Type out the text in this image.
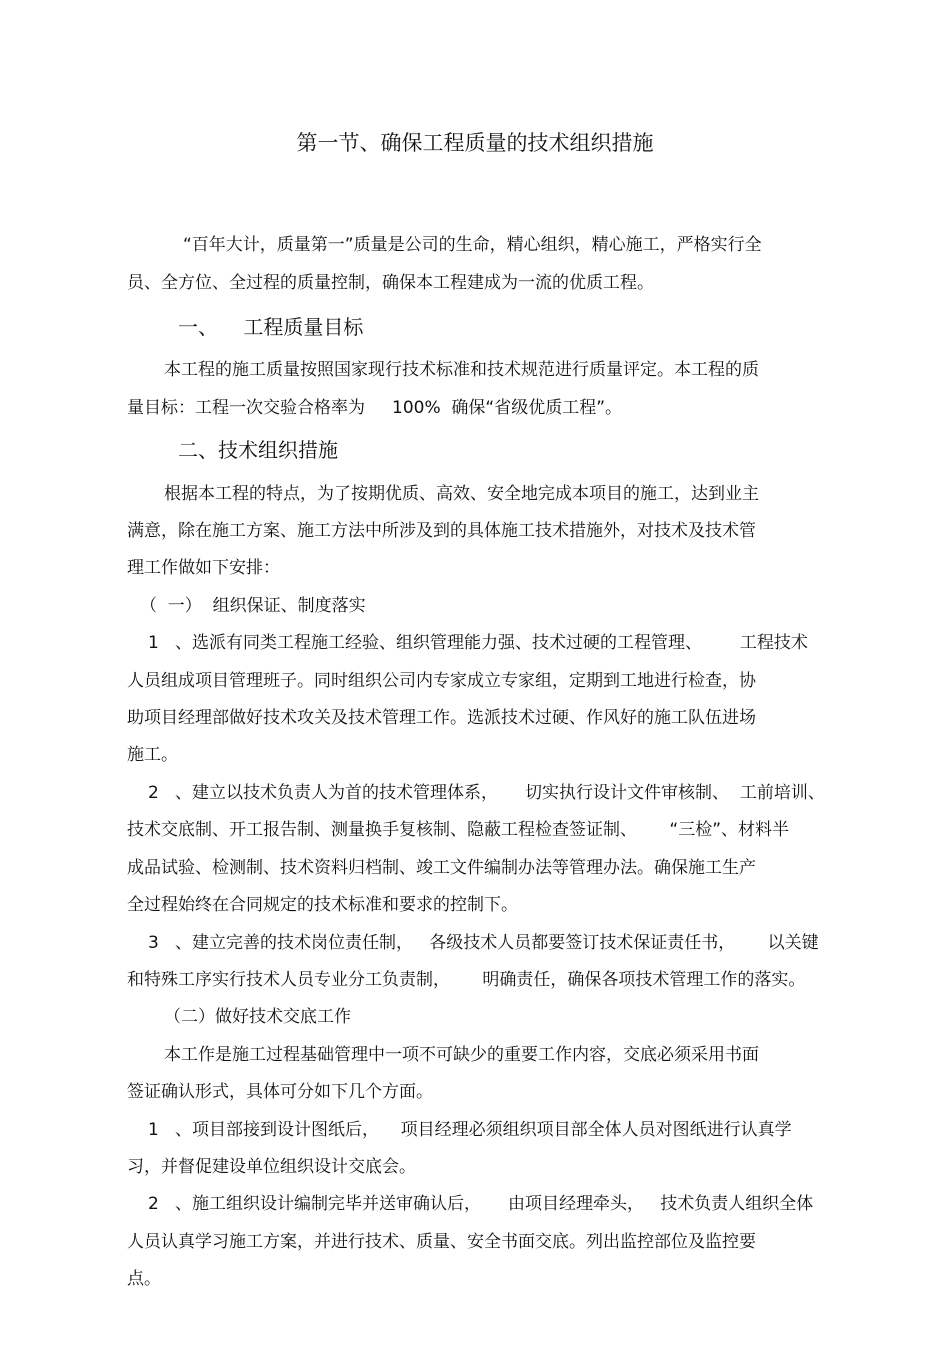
第一节、确保工程质量的技术组织措施
“百年大计，质量第一”质量是公司的生命，精心组织，精心施工，严格实行全
员、全方位、全过程的质量控制，确保本工程建成为一流的优质工程。
一、    工程质量目标
本工程的施工质量按照国家现行技术标准和技术规范进行质量评定。本工程的质
量目标：工程一次交验合格率为     100%  确保“省级优质工程”。
二、技术组织措施
根据本工程的特点，为了按期优质、高效、安全地完成本项目的施工，达到业主
满意，除在施工方案、施工方法中所涉及到的具体施工技术措施外，对技术及技术管
理工作做如下安排：
（  一）  组织保证、制度落实
1   、选派有同类工程施工经验、组织管理能力强、技术过硬的工程管理、       工程技术
人员组成项目管理班子。同时组织公司内专家成立专家组，定期到工地进行检查，协
助项目经理部做好技术攻关及技术管理工作。选派技术过硬、作风好的施工队伍进场
施工。
2   、建立以技术负责人为首的技术管理体系，     切实执行设计文件审核制、  工前培训、
技术交底制、开工报告制、测量换手复核制、隐蔽工程检查签证制、      “三检”、材料半
成品试验、检测制、技术资料归档制、竣工文件编制办法等管理办法。确保施工生产
全过程始终在合同规定的技术标准和要求的控制下。
3   、建立完善的技术岗位责任制，   各级技术人员都要签订技术保证责任书，      以关键
和特殊工序实行技术人员专业分工负责制，      明确责任，确保各项技术管理工作的落实。
（二）做好技术交底工作
本工作是施工过程基础管理中一项不可缺少的重要工作内容，交底必须采用书面
签证确认形式，具体可分如下几个方面。
1   、项目部接到设计图纸后，    项目经理必须组织项目部全体人员对图纸进行认真学
习，并督促建设单位组织设计交底会。
2   、施工组织设计编制完毕并送审确认后，     由项目经理牵头，   技术负责人组织全体
人员认真学习施工方案，并进行技术、质量、安全书面交底。列出监控部位及监控要
点。
